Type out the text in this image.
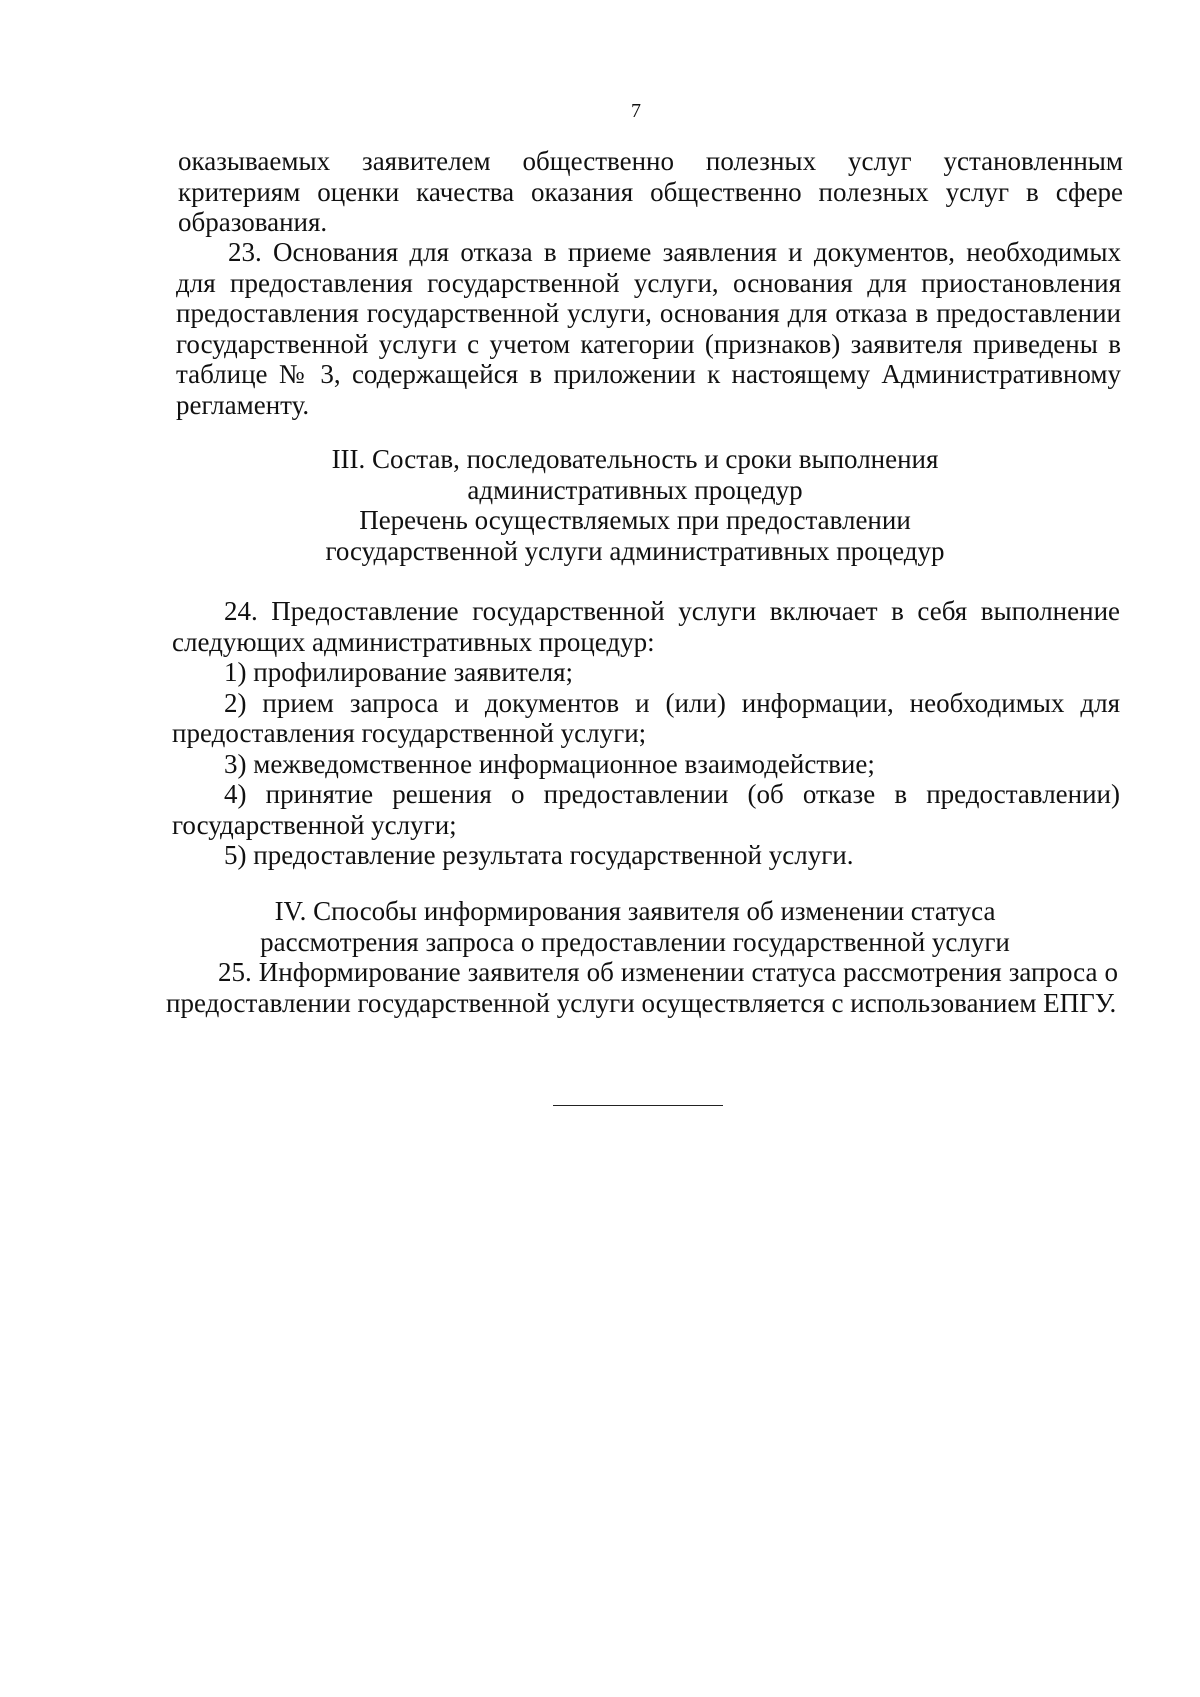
7

оказываемых заявителем общественно полезных услуг установленным критериям оценки качества оказания общественно полезных услуг в сфере образования.

23. Основания для отказа в приеме заявления и документов, необходимых для предоставления государственной услуги, основания для приостановления предоставления государственной услуги, основания для отказа в предоставлении государственной услуги с учетом категории (признаков) заявителя приведены в таблице № 3, содержащейся в приложении к настоящему Административному регламенту.

III. Состав, последовательность и сроки выполнения
административных процедур
Перечень осуществляемых при предоставлении
государственной услуги административных процедур

24. Предоставление государственной услуги включает в себя выполнение следующих административных процедур:

1) профилирование заявителя;

2) прием запроса и документов и (или) информации, необходимых для предоставления государственной услуги;

3) межведомственное информационное взаимодействие;

4) принятие решения о предоставлении (об отказе в предоставлении) государственной услуги;

5) предоставление результата государственной услуги.

IV. Способы информирования заявителя об изменении статуса
рассмотрения запроса о предоставлении государственной услуги

25. Информирование заявителя об изменении статуса рассмотрения запроса о предоставлении государственной услуги осуществляется с использованием ЕПГУ.
